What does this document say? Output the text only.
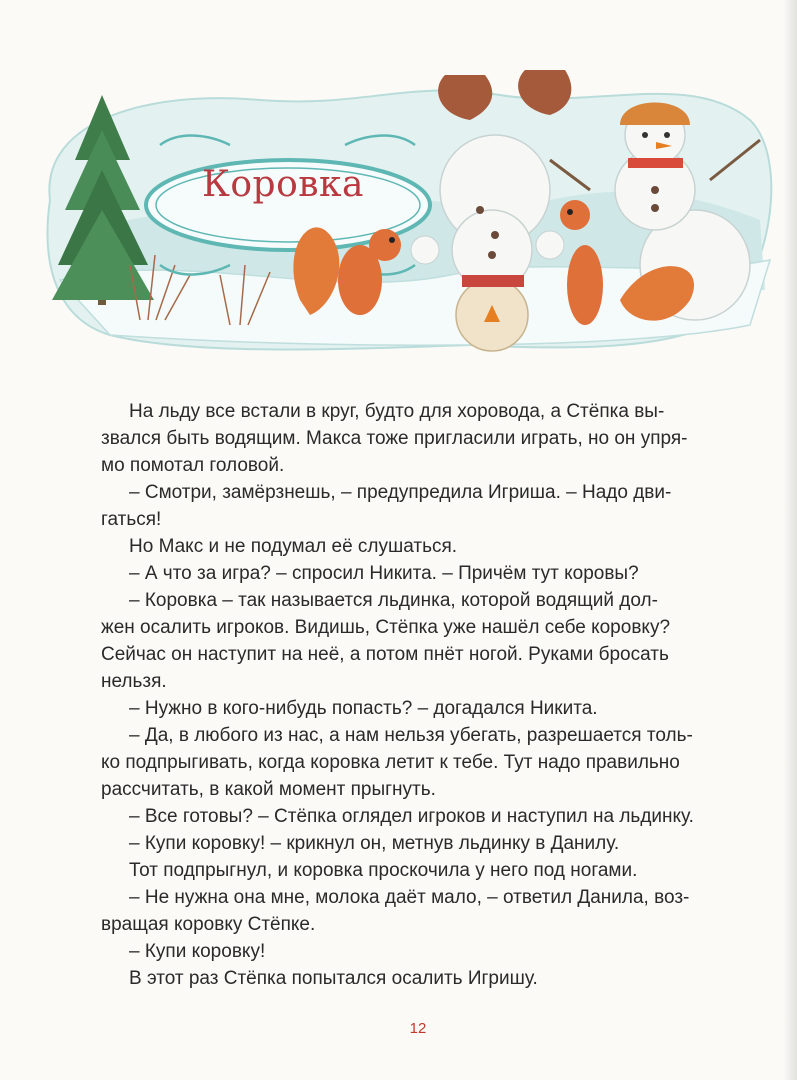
Коровка
На льду все встали в круг, будто для хоровода, а Стёпка вы-
звался быть водящим. Макса тоже пригласили играть, но он упря-
мо помотал головой.
– Смотри, замёрзнешь, – предупредила Игриша. – Надо дви-
гаться!
Но Макс и не подумал её слушаться.
– А что за игра? – спросил Никита. – Причём тут коровы?
– Коровка – так называется льдинка, которой водящий дол-
жен осалить игроков. Видишь, Стёпка уже нашёл себе коровку?
Сейчас он наступит на неё, а потом пнёт ногой. Руками бросать
нельзя.
– Нужно в кого-нибудь попасть? – догадался Никита.
– Да, в любого из нас, а нам нельзя убегать, разрешается толь-
ко подпрыгивать, когда коровка летит к тебе. Тут надо правильно
рассчитать, в какой момент прыгнуть.
– Все готовы? – Стёпка оглядел игроков и наступил на льдинку.
– Купи коровку! – крикнул он, метнув льдинку в Данилу.
Тот подпрыгнул, и коровка проскочила у него под ногами.
– Не нужна она мне, молока даёт мало, – ответил Данила, воз-
вращая коровку Стёпке.
– Купи коровку!
В этот раз Стёпка попытался осалить Игришу.
12
